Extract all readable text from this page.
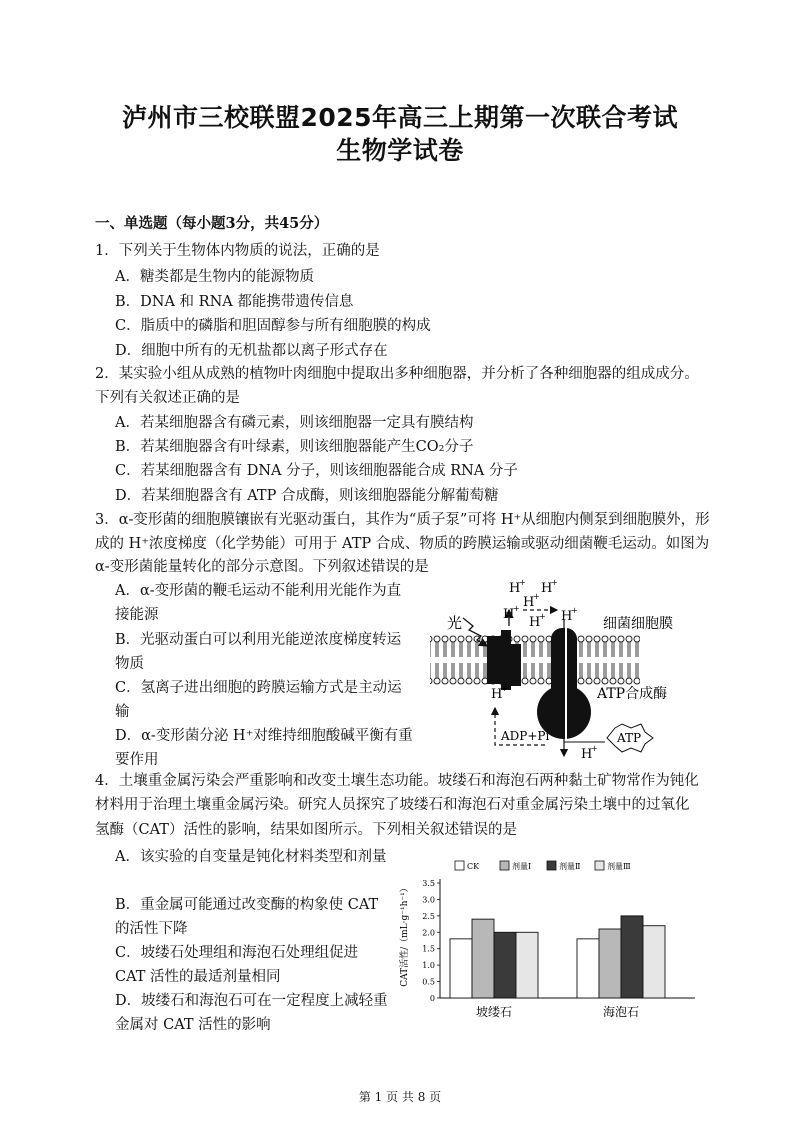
泸州市三校联盟2025年高三上期第一次联合考试
生物学试卷
一、单选题（每小题3分，共45分）
1．下列关于生物体内物质的说法，正确的是
A．糖类都是生物内的能源物质
B．DNA 和 RNA 都能携带遗传信息
C．脂质中的磷脂和胆固醇参与所有细胞膜的构成
D．细胞中所有的无机盐都以离子形式存在
2．某实验小组从成熟的植物叶肉细胞中提取出多种细胞器，并分析了各种细胞器的组成成分。
下列有关叙述正确的是
A．若某细胞器含有磷元素，则该细胞器一定具有膜结构
B．若某细胞器含有叶绿素，则该细胞器能产生CO₂分子
C．若某细胞器含有 DNA 分子，则该细胞器能合成 RNA 分子
D．若某细胞器含有 ATP 合成酶，则该细胞器能分解葡萄糖
3．α-变形菌的细胞膜镶嵌有光驱动蛋白，其作为“质子泵”可将 H⁺从细胞内侧泵到细胞膜外，形
成的 H⁺浓度梯度（化学势能）可用于 ATP 合成、物质的跨膜运输或驱动细菌鞭毛运动。如图为
α-变形菌能量转化的部分示意图。下列叙述错误的是
A．α-变形菌的鞭毛运动不能利用光能作为直接能源
B．光驱动蛋白可以利用光能逆浓度梯度转运物质
C．氢离子进出细胞的跨膜运输方式是主动运输
D．α-变形菌分泌 H⁺对维持细胞酸碱平衡有重要作用
光	细菌细胞膜
ATP合成酶
ADP+Pi	ATP
H
+ H
+
H
+
H
+
H
+ H
+
H
+
H
+
4．土壤重金属污染会严重影响和改变土壤生态功能。坡缕石和海泡石两种黏土矿物常作为钝化
材料用于治理土壤重金属污染。研究人员探究了坡缕石和海泡石对重金属污染土壤中的过氧化
氢酶（CAT）活性的影响，结果如图所示。下列相关叙述错误的是
A．该实验的自变量是钝化材料类型和剂量
B．重金属可能通过改变酶的构象使 CAT 的活性下降
C．坡缕石处理组和海泡石处理组促进 CAT 活性的最适剂量相同
D．坡缕石和海泡石可在一定程度上减轻重金属对 CAT 活性的影响
CAT活性/（mL·g⁻¹h⁻¹）
CK	剂量Ⅰ	剂量Ⅱ	剂量Ⅲ
0
0.5
1.0
1.5
2.0
2.5
3.0
3.5
坡缕石	海泡石
第 1 页 共 8 页
